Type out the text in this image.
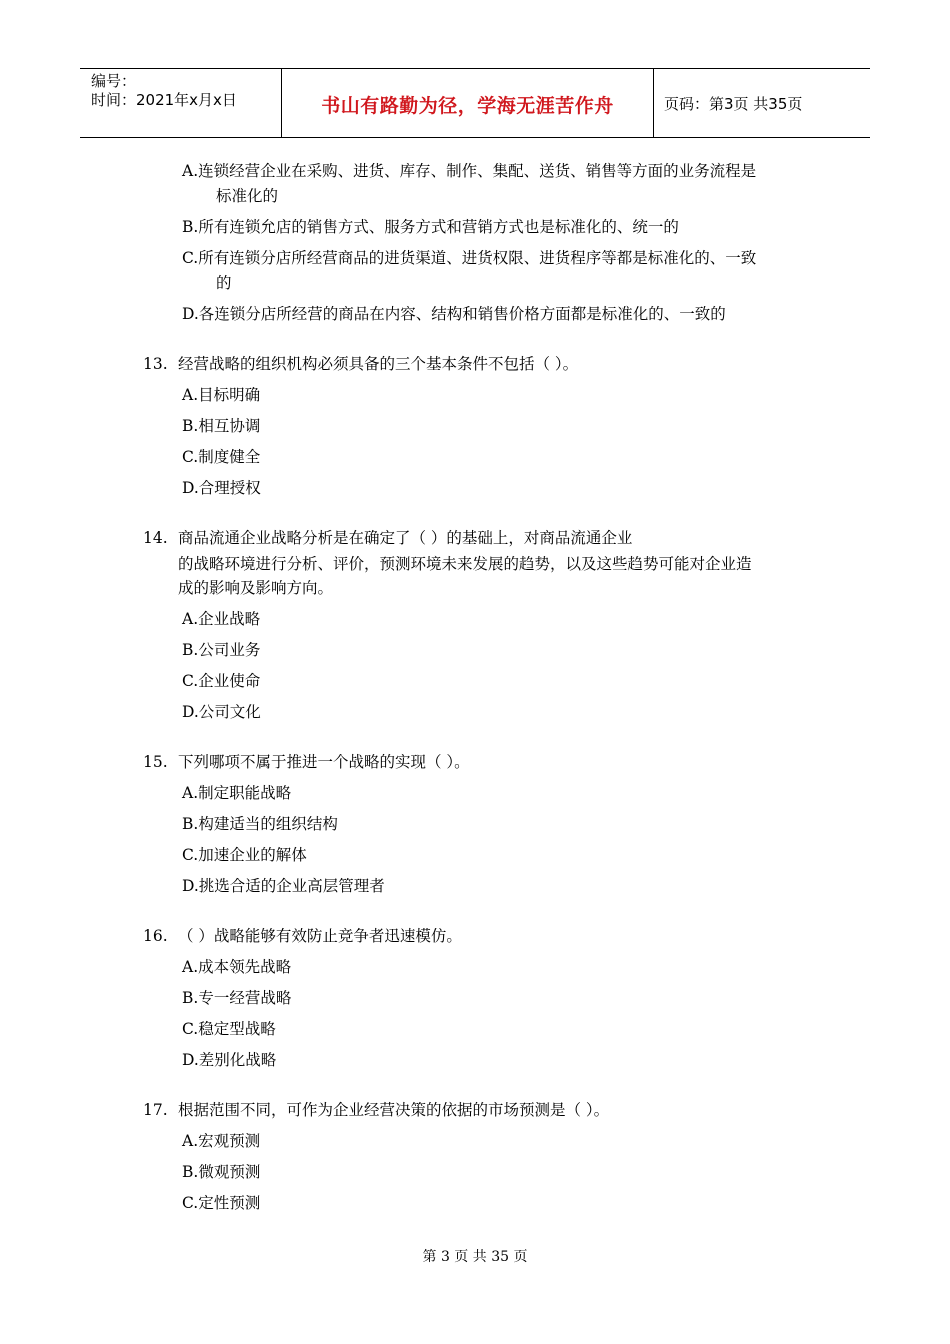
编号：
时间：2021年x月x日	书山有路勤为径，学海无涯苦作舟	页码：第3页 共35页
A.连锁经营企业在采购、进货、库存、制作、集配、送货、销售等方面的业务流程是
标准化的
B.所有连锁允店的销售方式、服务方式和营销方式也是标准化的、统一的
C.所有连锁分店所经营商品的进货渠道、进货权限、进货程序等都是标准化的、一致
的
D.各连锁分店所经营的商品在内容、结构和销售价格方面都是标准化的、一致的
13. 经营战略的组织机构必须具备的三个基本条件不包括（ ）。
A.目标明确
B.相互协调
C.制度健全
D.合理授权
14. 商品流通企业战略分析是在确定了（ ）的基础上，对商品流通企业
的战略环境进行分析、评价，预测环境未来发展的趋势，以及这些趋势可能对企业造
成的影响及影响方向。
A.企业战略
B.公司业务
C.企业使命
D.公司文化
15. 下列哪项不属于推进一个战略的实现（ ）。
A.制定职能战略
B.构建适当的组织结构
C.加速企业的解体
D.挑选合适的企业高层管理者
16. （ ）战略能够有效防止竞争者迅速模仿。
A.成本领先战略
B.专一经营战略
C.稳定型战略
D.差别化战略
17. 根据范围不同，可作为企业经营决策的依据的市场预测是（ ）。
A.宏观预测
B.微观预测
C.定性预测
第 3 页 共 35 页
